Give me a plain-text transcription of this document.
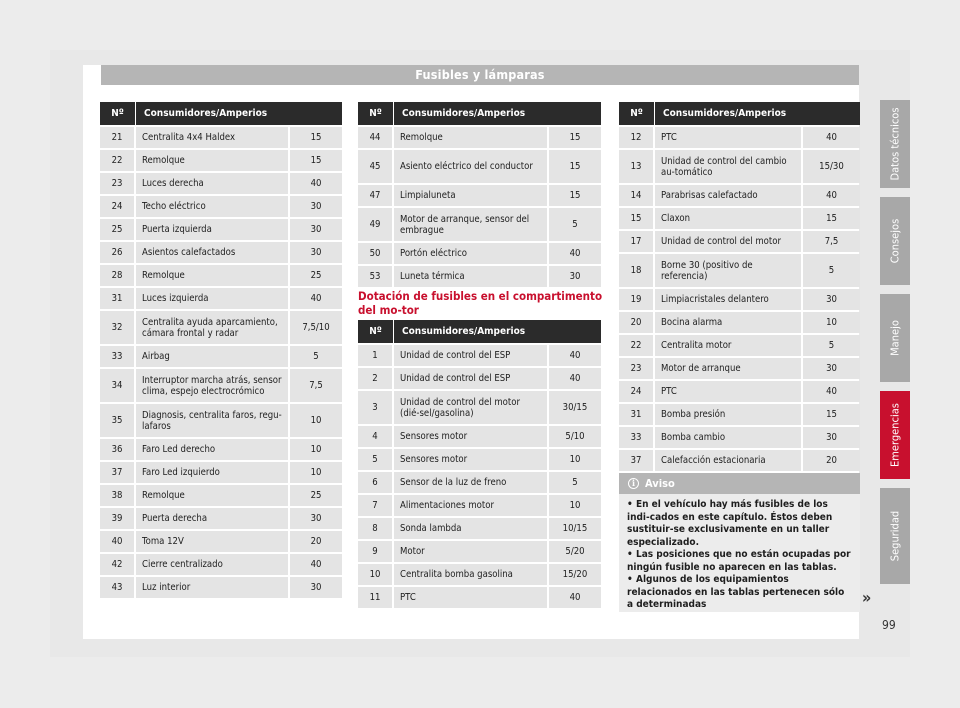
Fusibles y lámparas
Nº	Consumidores/Amperios	
21	Centralita 4x4 Haldex	15
22	Remolque	15
23	Luces derecha	40
24	Techo eléctrico	30
25	Puerta izquierda	30
26	Asientos calefactados	30
28	Remolque	25
31	Luces izquierda	40
32	Centralita ayuda aparcamiento, cámara frontal y radar	7,5/10
33	Airbag	5
34	Interruptor marcha atrás, sensor clima, espejo electrocrómico	7,5
35	Diagnosis, centralita faros, regu-lafaros	10
36	Faro Led derecho	10
37	Faro Led izquierdo	10
38	Remolque	25
39	Puerta derecha	30
40	Toma 12V	20
42	Cierre centralizado	40
43	Luz interior	30
Nº	Consumidores/Amperios	
44	Remolque	15
45	Asiento eléctrico del conductor	15
47	Limpialuneta	15
49	Motor de arranque, sensor del embrague	5
50	Portón eléctrico	40
53	Luneta térmica	30
Dotación de fusibles en el compartimento del mo-tor
Nº	Consumidores/Amperios	
1	Unidad de control del ESP	40
2	Unidad de control del ESP	40
3	Unidad de control del motor (dié-sel/gasolina)	30/15
4	Sensores motor	5/10
5	Sensores motor	10
6	Sensor de la luz de freno	5
7	Alimentaciones motor	10
8	Sonda lambda	10/15
9	Motor	5/20
10	Centralita bomba gasolina	15/20
11	PTC	40
Nº	Consumidores/Amperios	
12	PTC	40
13	Unidad de control del cambio au-tomático	15/30
14	Parabrisas calefactado	40
15	Claxon	15
17	Unidad de control del motor	7,5
18	Borne 30 (positivo de referencia)	5
19	Limpiacristales delantero	30
20	Bocina alarma	10
22	Centralita motor	5
23	Motor de arranque	30
24	PTC	40
31	Bomba presión	15
33	Bomba cambio	30
37	Calefacción estacionaria	20
i Aviso

• En el vehículo hay más fusibles de los indi-cados en este capítulo. Éstos deben sustituir-se exclusivamente en un taller especializado.

• Las posiciones que no están ocupadas por ningún fusible no aparecen en las tablas.

• Algunos de los equipamientos relacionados en las tablas pertenecen sólo a determinadas	»
Datos técnicos
Consejos
Manejo
Emergencias
Seguridad
99
